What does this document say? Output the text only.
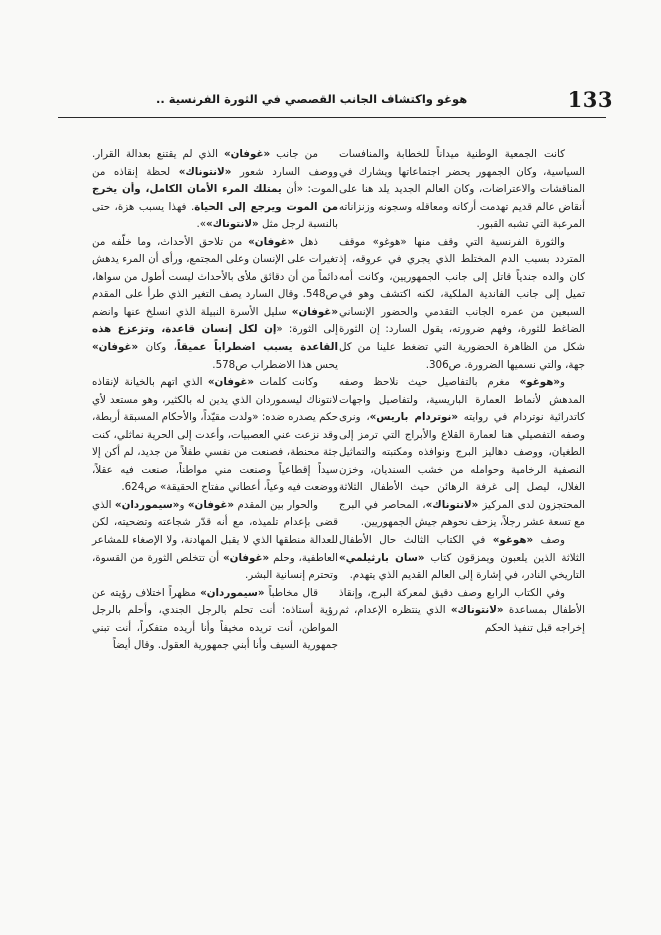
133
هوغو واكتشاف الجانب القصصي في الثورة الفرنسية ..

كانت الجمعية الوطنية ميداناً للخطابة والمنافسات السياسية، وكان الجمهور يحضر اجتماعاتها ويشارك في المناقشات والاعتراضات، وكان العالم الجديد يلد هنا على أنقاض عالم قديم تهدمت أركانه ومعاقله وسجونه وزنزاناته المرعبة التي تشبه القبور.

والثورة الفرنسية التي وقف منها «هوغو» موقف المتردد بسبب الدم المختلط الذي يجري في عروقه، إذ كان والده جندياً قاتل إلى جانب الجمهوريين، وكانت أمه تميل إلى جانب الفاندية الملكية، لكنه اكتشف وهو في السبعين من عمره الجانب التقدمي والحضور الإنساني الضاغط للثورة، وفهم ضرورته، يقول السارد: إن الثورة شكل من الظاهرة الحضورية التي تضغط علينا من كل جهة، والتي نسميها الضرورة. ص306.

و«هوغو» مغرم بالتفاصيل حيث نلاحظ وصفه المدهش لأنماط العمارة الباريسية، ولتفاصيل واجهات كاتدرائية نوتردام في روايته «نوتردام باريس»، ونرى وصفه التفصيلي هنا لعمارة القلاع والأبراج التي ترمز إلى الطغيان، ووصف دهاليز البرج ونوافذه ومكتبته والتماثيل النصفية الرخامية وحوامله من خشب السنديان، وخزن الغلال، ليصل إلى غرفة الرهائن حيث الأطفال الثلاثة المحتجزون لدى المركيز «لانتوناك»، المحاصر في البرج مع تسعة عشر رجلاً، يزحف نحوهم جيش الجمهوريين.

وصف «هوغو» في الكتاب الثالث حال الأطفال الثلاثة الذين يلعبون ويمزقون كتاب «سان بارثيلمي» التاريخي النادر، في إشارة إلى العالم القديم الذي يتهدم.

وفي الكتاب الرابع وصف دقيق لمعركة البرج، وإنقاذ الأطفال بمساعدة «لانتوناك» الذي ينتظره الإعدام، ثم إخراجه قبل تنفيذ الحكم

من جانب «غوفان» الذي لم يقتنع بعدالة القرار. ووصف السارد شعور «لانتوناك» لحظة إنقاذه من الموت: «أن يمتلك المرء الأمان الكامل، وأن يخرج من الموت ويرجع إلى الحياة. فهذا يسبب هزة، حتى بالنسبة لرجل مثل «لانتوناك»».

ذهل «غوفان» من تلاحق الأحداث، وما خلّفه من تغيرات على الإنسان وعلى المجتمع، ورأى أن المرء يدهش دائماً من أن دقائق ملأى بالأحداث ليست أطول من سواها، ص548. وقال السارد يصف التغير الذي طرأ على المقدم «غوفان» سليل الأسرة النبيلة الذي انسلخ عنها وانضم إلى الثورة: «إن لكل إنسان قاعدة، وتزعزع هذه القاعدة يسبب اضطراباً عميقاً، وكان «غوفان» يحس هذا الاضطراب ص578.

وكانت كلمات «غوفان» الذي اتهم بالخيانة لإنقاذه لانتوناك ليسموردان الذي يدين له بالكثير، وهو مستعد لأي حكم يصدره ضده: «ولدت مقيّداً، والأحكام المسبقة أربطة، وقد نزعت عني العصبيات، وأعدت إلى الحرية نماثلي، كنت جثة محنطة، فصنعت من نفسي طفلاً من جديد، لم أكن إلا سيداً إقطاعياً وصنعت مني مواطناً، صنعت فيه عقلاً، ووضعت فيه وعياً، أعطاني مفتاح الحقيقة» ص624.

والحوار بين المقدم «غوفان» و«سيموردان» الذي قضى بإعدام تلميذه، مع أنه قدّر شجاعته وتضحيته، لكن للعدالة منطقها الذي لا يقبل المهادنة، ولا الإصغاء للمشاعر العاطفية، وحلم «غوفان» أن تتخلص الثورة من القسوة، وتحترم إنسانية البشر.

قال مخاطباً «سيموردان» مظهراً اختلاف رؤيته عن رؤية أستاذه: أنت تحلم بالرجل الجندي، وأحلم بالرجل المواطن، أنت تريده مخيفاً وأنا أريده متفكراً، أنت تبني جمهورية السيف وأنا أبني جمهورية العقول. وقال أيضاً
